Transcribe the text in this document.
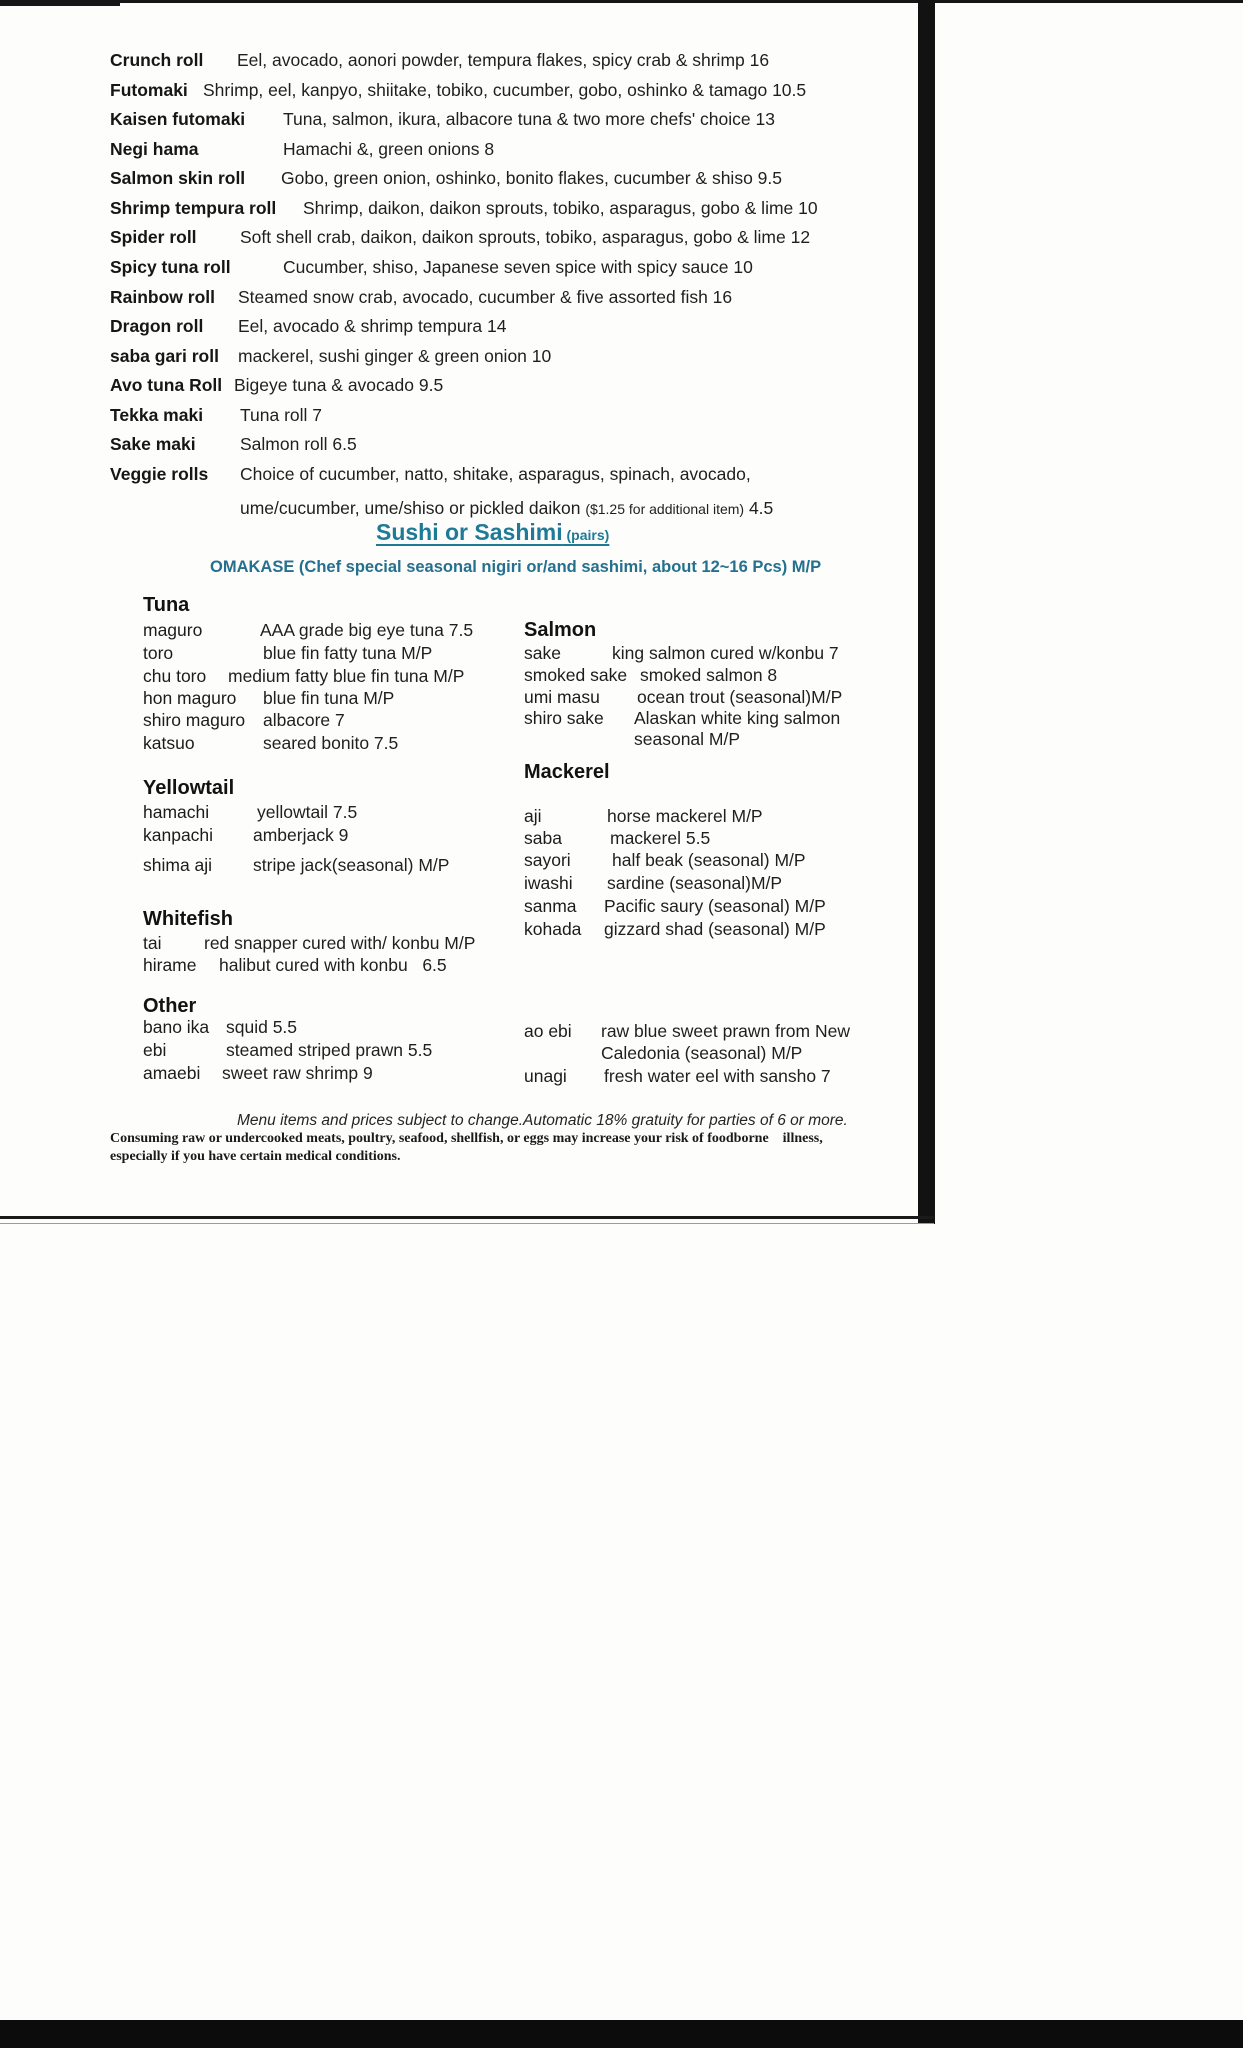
Crunch roll Eel, avocado, aonori powder, tempura flakes, spicy crab & shrimp 16
Futomaki Shrimp, eel, kanpyo, shiitake, tobiko, cucumber, gobo, oshinko & tamago 10.5
Kaisen futomaki Tuna, salmon, ikura, albacore tuna & two more chefs' choice 13
Negi hama	Hamachi &, green onions 8
Salmon skin roll Gobo, green onion, oshinko, bonito flakes, cucumber & shiso 9.5
Shrimp tempura roll Shrimp, daikon, daikon sprouts, tobiko, asparagus, gobo & lime 10
Spider roll Soft shell crab, daikon, daikon sprouts, tobiko, asparagus, gobo & lime 12
Spicy tuna roll	Cucumber, shiso, Japanese seven spice with spicy sauce 10
Rainbow roll Steamed snow crab, avocado, cucumber & five assorted fish 16
Dragon roll Eel, avocado & shrimp tempura 14
saba gari roll mackerel, sushi ginger & green onion 10
Avo tuna Roll Bigeye tuna & avocado 9.5
Tekka maki Tuna roll 7
Sake maki	Salmon roll 6.5
Veggie rolls Choice of cucumber, natto, shitake, asparagus, spinach, avocado,
ume/cucumber, ume/shiso or pickled daikon ($1.25 for additional item) 4.5
Sushi or Sashimi (pairs)
OMAKASE (Chef special seasonal nigiri or/and sashimi, about 12~16 Pcs) M/P
Tuna
maguro	AAA grade big eye tuna 7.5
toro	blue fin fatty tuna M/P
chu toro medium fatty blue fin tuna M/P
hon maguro blue fin tuna M/P
shiro maguro albacore 7
katsuo	seared bonito 7.5
Salmon
sake	king salmon cured w/konbu 7
smoked sake smoked salmon 8
umi masu ocean trout (seasonal)M/P
shiro sake Alaskan white king salmon
seasonal M/P
Mackerel
aji	horse mackerel M/P
saba	mackerel 5.5
sayori half beak (seasonal) M/P
iwashi sardine (seasonal)M/P
sanma Pacific saury (seasonal) M/P
kohada gizzard shad (seasonal) M/P
Yellowtail
hamachi	yellowtail 7.5
kanpachi amberjack 9
shima aji stripe jack(seasonal) M/P
Whitefish
tai red snapper cured with/ konbu M/P
hirame halibut cured with konbu   6.5
Other
bano ika squid 5.5
ebi	steamed striped prawn 5.5
amaebi sweet raw shrimp 9
ao ebi raw blue sweet prawn from New
Caledonia (seasonal) M/P
unagi fresh water eel with sansho 7
Menu items and prices subject to change.Automatic 18% gratuity for parties of 6 or more.
Consuming raw or undercooked meats, poultry, seafood, shellfish, or eggs may increase your risk of foodborne    illness,
especially if you have certain medical conditions.
